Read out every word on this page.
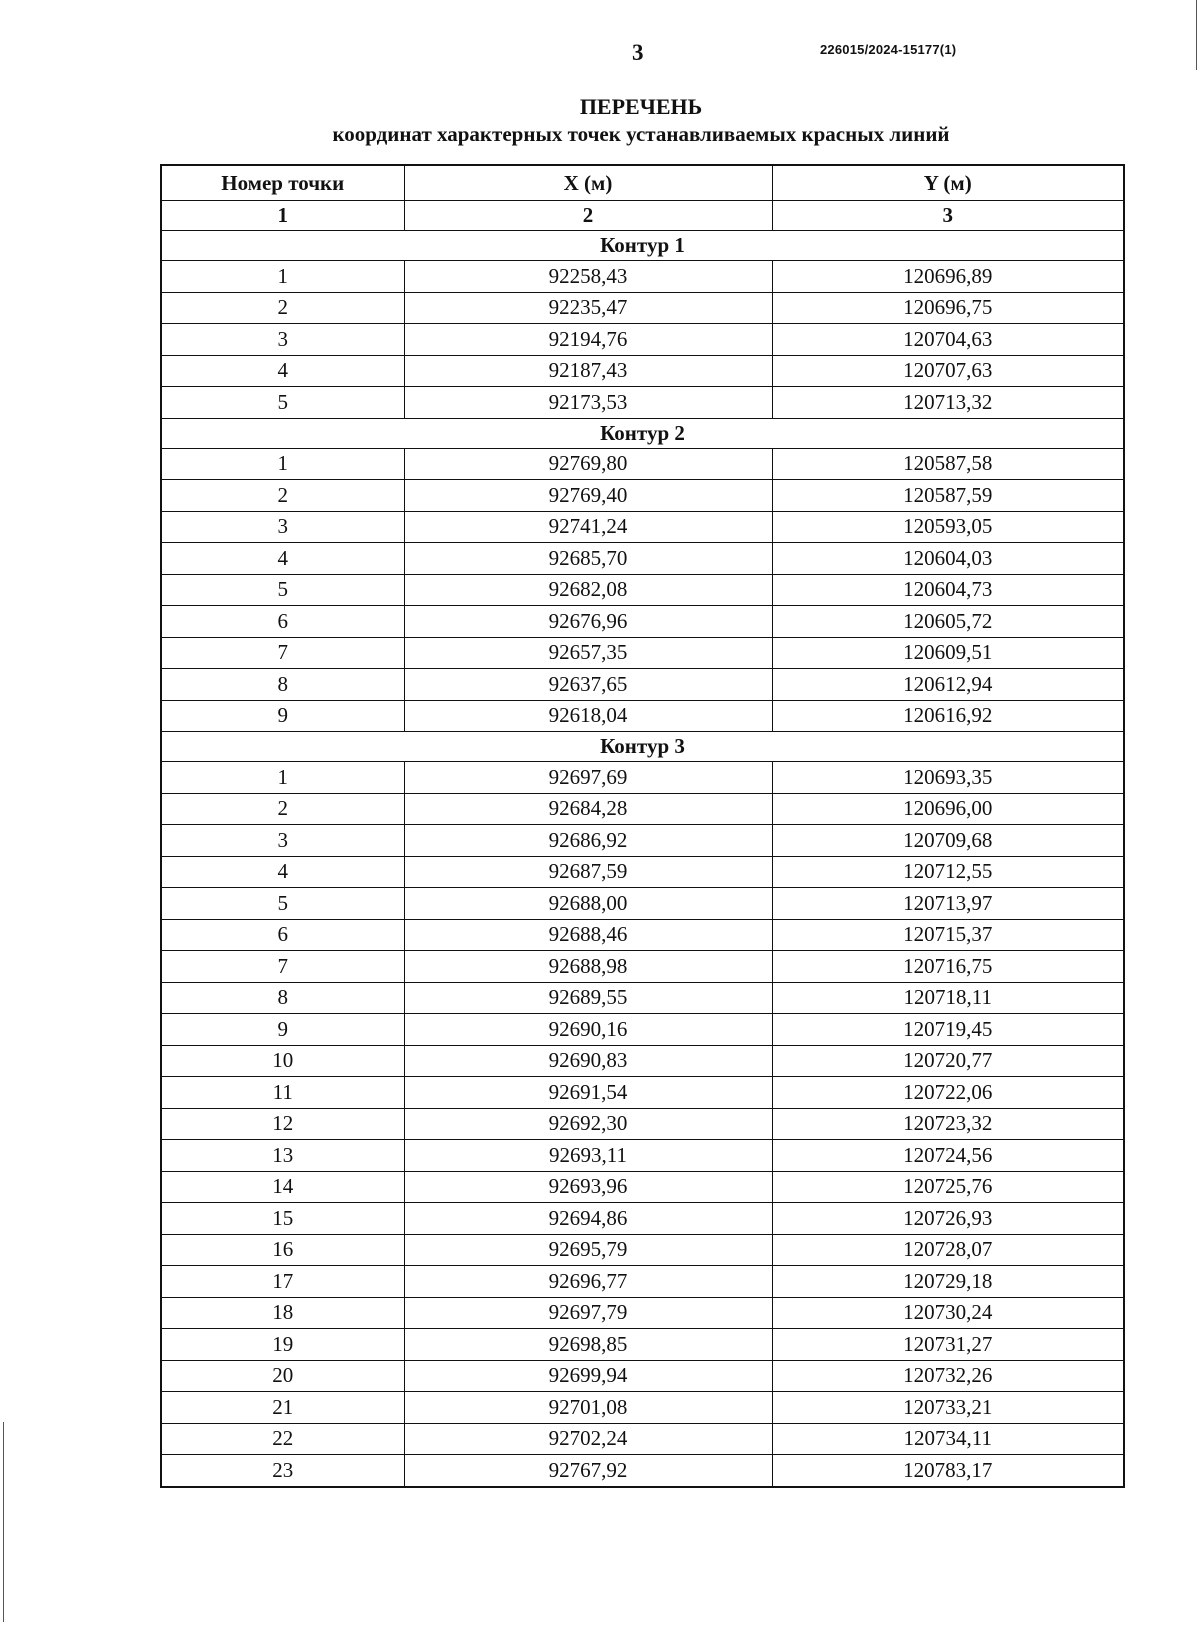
3	226015/2024-15177(1)
ПЕРЕЧЕНЬ
координат характерных точек устанавливаемых красных линий
Номер точки	X (м)	Y (м)
1	2	3
Контур 1		
1	92258,43	120696,89
2	92235,47	120696,75
3	92194,76	120704,63
4	92187,43	120707,63
5	92173,53	120713,32
Контур 2		
1	92769,80	120587,58
2	92769,40	120587,59
3	92741,24	120593,05
4	92685,70	120604,03
5	92682,08	120604,73
6	92676,96	120605,72
7	92657,35	120609,51
8	92637,65	120612,94
9	92618,04	120616,92
Контур 3		
1	92697,69	120693,35
2	92684,28	120696,00
3	92686,92	120709,68
4	92687,59	120712,55
5	92688,00	120713,97
6	92688,46	120715,37
7	92688,98	120716,75
8	92689,55	120718,11
9	92690,16	120719,45
10	92690,83	120720,77
11	92691,54	120722,06
12	92692,30	120723,32
13	92693,11	120724,56
14	92693,96	120725,76
15	92694,86	120726,93
16	92695,79	120728,07
17	92696,77	120729,18
18	92697,79	120730,24
19	92698,85	120731,27
20	92699,94	120732,26
21	92701,08	120733,21
22	92702,24	120734,11
23	92767,92	120783,17
